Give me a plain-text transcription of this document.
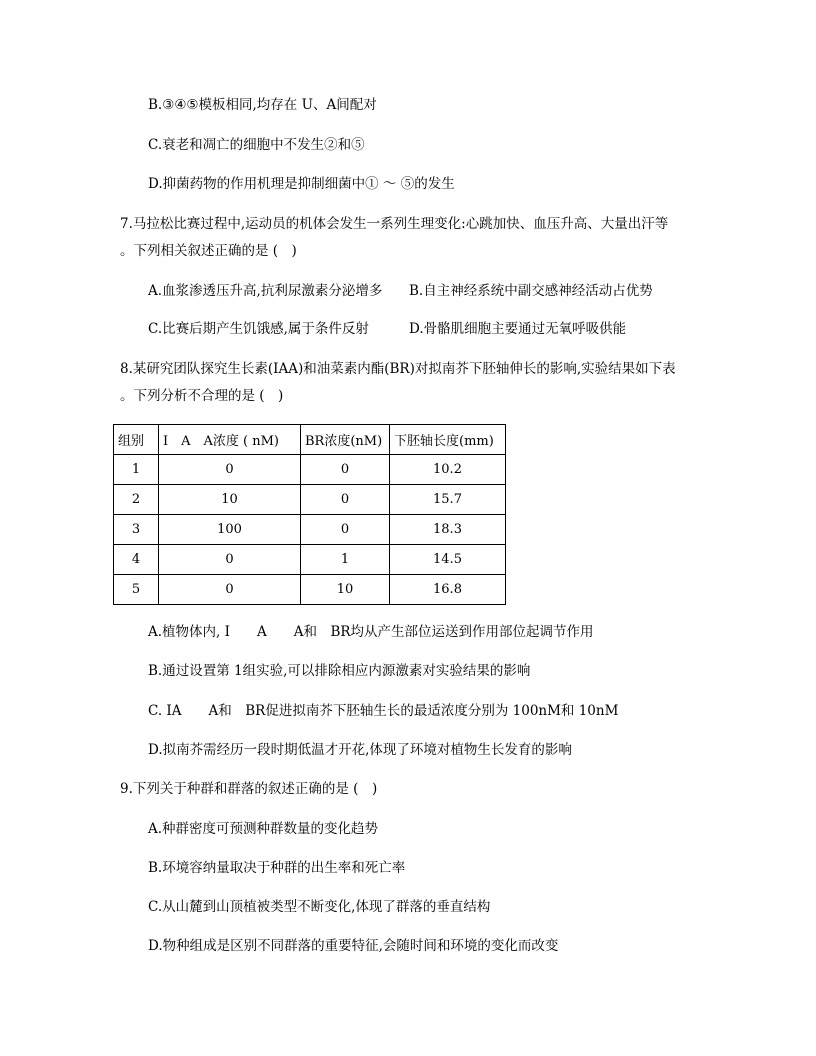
B.③④⑤模板相同,均存在 U、A间配对
C.衰老和凋亡的细胞中不发生②和⑤
D.抑菌药物的作用机理是抑制细菌中① ～ ⑤的发生
7.马拉松比赛过程中,运动员的机体会发生一系列生理变化:心跳加快、血压升高、大量出汗等
。下列相关叙述正确的是 (　)
A.血浆渗透压升高,抗利尿激素分泌增多 B.自主神经系统中副交感神经活动占优势
C.比赛后期产生饥饿感,属于条件反射	D.骨骼肌细胞主要通过无氧呼吸供能
8.某研究团队探究生长素(IAA)和油菜素内酯(BR)对拟南芥下胚轴伸长的影响,实验结果如下表
。下列分析不合理的是 (　)
组别	I　A　A浓度 ( nM)	BR浓度(nM)	下胚轴长度(mm)
1	0	0	10.2
2	10	0	15.7
3	100	0	18.3
4	0	1	14.5
5	0	10	16.8
A.植物体内, I　　A　　A和　BR均从产生部位运送到作用部位起调节作用
B.通过设置第 1组实验,可以排除相应内源激素对实验结果的影响
C. IA　　A和　BR促进拟南芥下胚轴生长的最适浓度分别为 100nM和 10nM
D.拟南芥需经历一段时期低温才开花,体现了环境对植物生长发育的影响
9.下列关于种群和群落的叙述正确的是 (　)
A.种群密度可预测种群数量的变化趋势
B.环境容纳量取决于种群的出生率和死亡率
C.从山麓到山顶植被类型不断变化,体现了群落的垂直结构
D.物种组成是区别不同群落的重要特征,会随时间和环境的变化而改变
